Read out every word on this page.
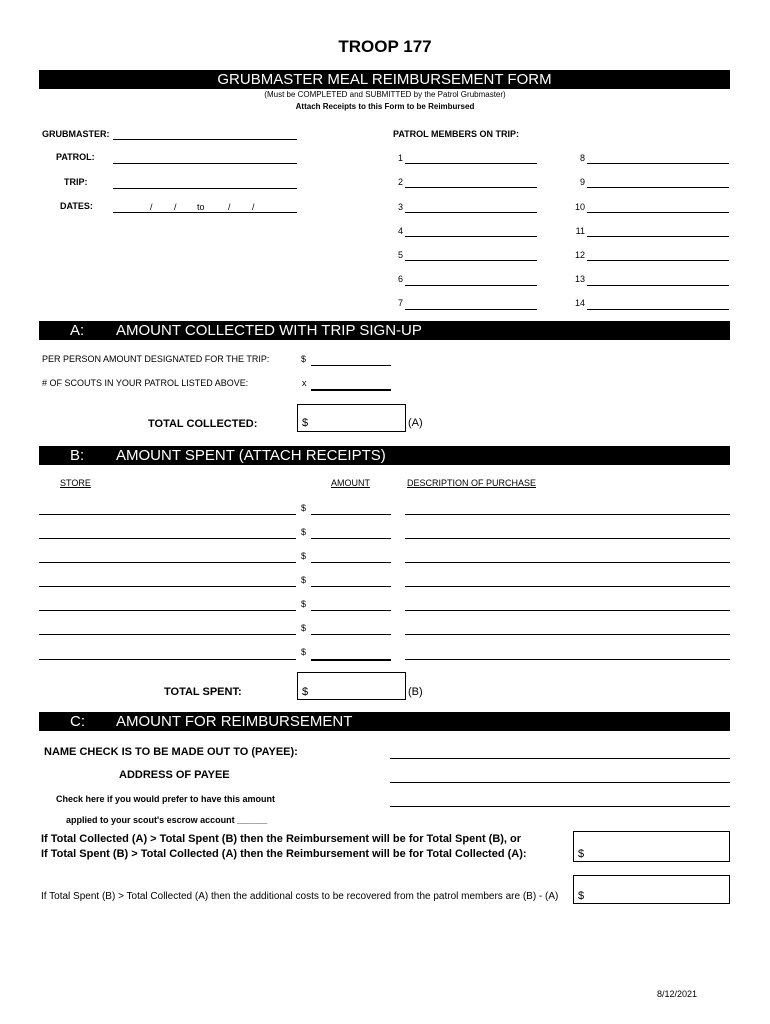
TROOP 177
GRUBMASTER MEAL REIMBURSEMENT FORM
(Must be COMPLETED and SUBMITTED by the Patrol Grubmaster)
Attach Receipts to this Form to be Reimbursed
GRUBMASTER:
PATROL:
TRIP:
DATES:	/ / to	/ /
PATROL MEMBERS ON TRIP:
1
2
3
4
5
6
7
8
9
10
11
12
13
14
A: AMOUNT COLLECTED WITH TRIP SIGN-UP
PER PERSON AMOUNT DESIGNATED FOR THE TRIP:	$
# OF SCOUTS IN YOUR PATROL LISTED ABOVE:	x
TOTAL COLLECTED:	$	(A)
B: AMOUNT SPENT (ATTACH RECEIPTS)
STORE	AMOUNT	DESCRIPTION OF PURCHASE
$
$
$
$
$
$
$
TOTAL SPENT:	$	(B)
C: AMOUNT FOR REIMBURSEMENT
NAME CHECK IS TO BE MADE OUT TO (PAYEE):
ADDRESS OF PAYEE
Check here if you would prefer to have this amount
applied to your scout's escrow account ______
If Total Collected (A) > Total Spent (B) then the Reimbursement will be for Total Spent (B), or
If Total Spent (B) > Total Collected (A) then the Reimbursement will be for Total Collected (A):	$
If Total Spent (B) > Total Collected (A) then the additional costs to be recovered from the patrol members are (B) - (A) $
8/12/2021
